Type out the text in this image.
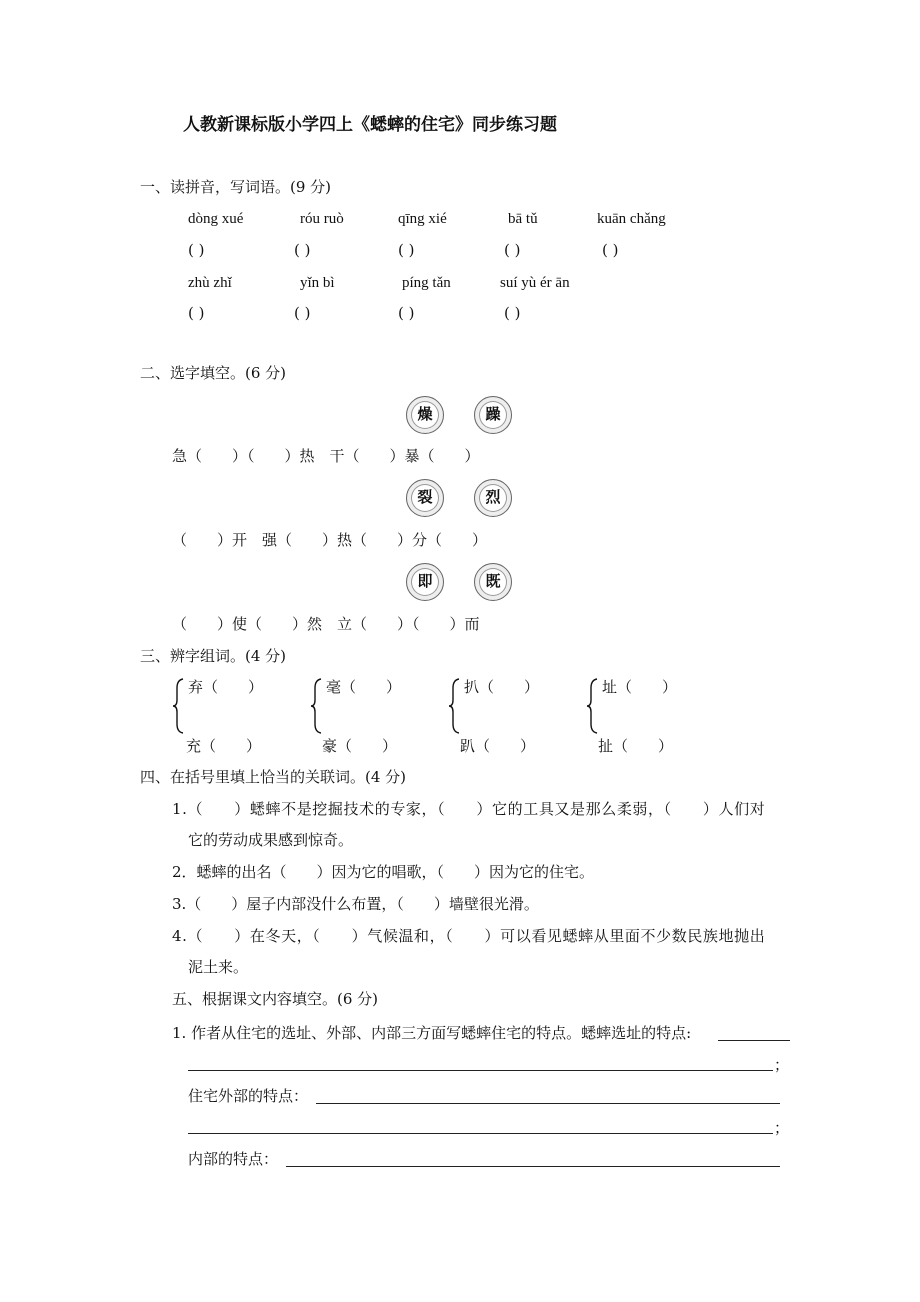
人教新课标版小学四上《蟋蟀的住宅》同步练习题
一、读拼音，写词语。(9 分)
dòng xué	róu ruò	qīng xié	bā tǔ	kuān chǎng
( )	( )	( )	( )	( )
zhù zhǐ	yǐn bì	píng tǎn	suí yù ér ān
( )	( )	( )	( )
二、选字填空。(6 分)
燥	躁
急（　　）（　　）热　干（　　）暴（　　）
裂	烈
（　　）开　强（　　）热（　　）分（　　）
即	既
（　　）使（　　）然　立（　　）（　　）而
三、辨字组词。(4 分)
弃（　　）
充（　　）
毫（　　）
豪（　　）
扒（　　）
趴（　　）
址（　　）
扯（　　）
四、在括号里填上恰当的关联词。(4 分)
1.（　　）蟋蟀不是挖掘技术的专家，（　　）它的工具又是那么柔弱，（　　）人们对
它的劳动成果感到惊奇。
2．蟋蟀的出名（　　）因为它的唱歌，（　　）因为它的住宅。
3.（　　）屋子内部没什么布置，（　　）墙壁很光滑。
4.（　　）在冬天，（　　）气候温和，（　　）可以看见蟋蟀从里面不少数民族地抛出
泥土来。
五、根据课文内容填空。(6 分)
1. 作者从住宅的选址、外部、内部三方面写蟋蟀住宅的特点。蟋蟀选址的特点:
；
住宅外部的特点：
；
内部的特点：
